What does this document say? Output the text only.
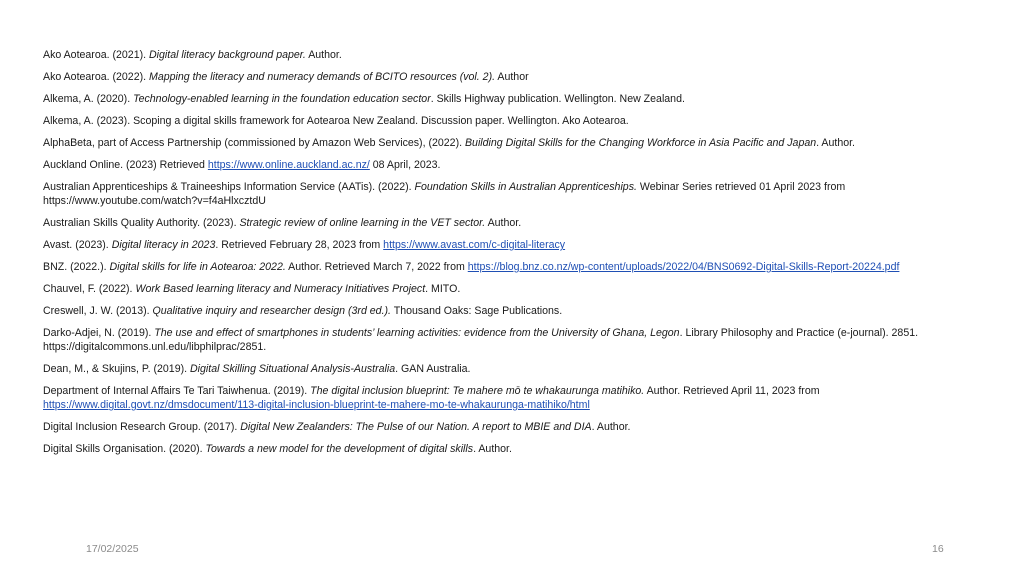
Ako Aotearoa. (2021). Digital literacy background paper. Author.

Ako Aotearoa. (2022). Mapping the literacy and numeracy demands of BCITO resources (vol. 2). Author

Alkema, A. (2020). Technology-enabled learning in the foundation education sector. Skills Highway publication. Wellington. New Zealand.

Alkema, A. (2023). Scoping a digital skills framework for Aotearoa New Zealand. Discussion paper. Wellington. Ako Aotearoa.

AlphaBeta, part of Access Partnership (commissioned by Amazon Web Services), (2022). Building Digital Skills for the Changing Workforce in Asia Pacific and Japan. Author.

Auckland Online. (2023) Retrieved https://www.online.auckland.ac.nz/ 08 April, 2023.

Australian Apprenticeships & Traineeships Information Service (AATis). (2022). Foundation Skills in Australian Apprenticeships. Webinar Series retrieved 01 April 2023 from https://www.youtube.com/watch?v=f4aHlxcztdU

Australian Skills Quality Authority. (2023). Strategic review of online learning in the VET sector. Author.

Avast. (2023). Digital literacy in 2023. Retrieved February 28, 2023 from https://www.avast.com/c-digital-literacy

BNZ. (2022.). Digital skills for life in Aotearoa: 2022. Author. Retrieved March 7, 2022 from https://blog.bnz.co.nz/wp-content/uploads/2022/04/BNS0692-Digital-Skills-Report-20224.pdf

Chauvel, F. (2022). Work Based learning literacy and Numeracy Initiatives Project. MITO.

Creswell, J. W. (2013). Qualitative inquiry and researcher design (3rd ed.). Thousand Oaks: Sage Publications.

Darko-Adjei, N. (2019). The use and effect of smartphones in students’ learning activities: evidence from the University of Ghana, Legon. Library Philosophy and Practice (e-journal). 2851. https://digitalcommons.unl.edu/libphilprac/2851.

Dean, M., & Skujins, P. (2019). Digital Skilling Situational Analysis-Australia. GAN Australia.

Department of Internal Affairs Te Tari Taiwhenua. (2019). The digital inclusion blueprint: Te mahere mō te whakaurunga matihiko. Author. Retrieved April 11, 2023 from https://www.digital.govt.nz/dmsdocument/113-digital-inclusion-blueprint-te-mahere-mo-te-whakaurunga-matihiko/html

Digital Inclusion Research Group. (2017). Digital New Zealanders: The Pulse of our Nation. A report to MBIE and DIA. Author.

Digital Skills Organisation. (2020). Towards a new model for the development of digital skills. Author.

17/02/2025	16
